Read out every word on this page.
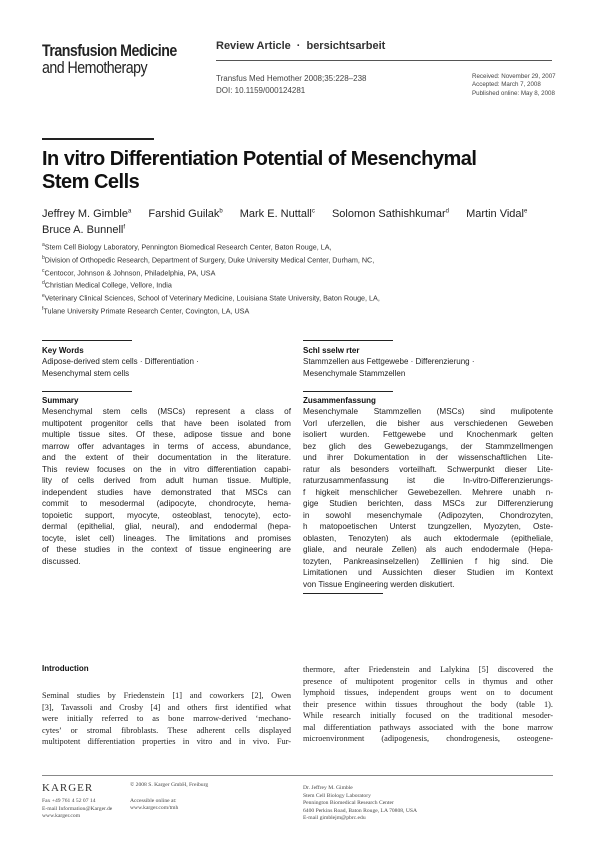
Transfusion Medicine
and Hemotherapy
Review Article · bersichtsarbeit
Transfus Med Hemother 2008;35:228–238
DOI: 10.1159/000124281
Received: November 29, 2007
Accepted: March 7, 2008
Published online: May 8, 2008
In vitro Differentiation Potential of Mesenchymal
Stem Cells
Jeffrey M. Gimble$^a$ Farshid Guilak$^b$ Mark E. Nuttall$^c$ Solomon Sathishkumar$^d$ Martin Vidal$^e$
Bruce A. Bunnell$^f$
$^a$Stem Cell Biology Laboratory, Pennington Biomedical Research Center, Baton Rouge, LA,
$^b$Division of Orthopedic Research, Department of Surgery, Duke University Medical Center, Durham, NC,
$^c$Centocor, Johnson & Johnson, Philadelphia, PA, USA
$^d$Christian Medical College, Vellore, India
$^e$Veterinary Clinical Sciences, School of Veterinary Medicine, Louisiana State University, Baton Rouge, LA,
$^f$Tulane University Primate Research Center, Covington, LA, USA
Key Words
Adipose-derived stem cells · Differentiation ·
Mesenchymal stem cells
Schl sselw rter
Stammzellen aus Fettgewebe · Differenzierung ·
Mesenchymale Stammzellen
Summary
Mesenchymal stem cells (MSCs) represent a class of
multipotent progenitor cells that have been isolated from
multiple tissue sites. Of these, adipose tissue and bone
marrow offer advantages in terms of access, abundance,
and the extent of their documentation in the literature.
This review focuses on the in vitro differentiation capabi-
lity of cells derived from adult human tissue. Multiple,
independent studies have demonstrated that MSCs can
commit to mesodermal (adipocyte, chondrocyte, hema-
topoietic support, myocyte, osteoblast, tenocyte), ecto-
dermal (epithelial, glial, neural), and endodermal (hepa-
tocyte, islet cell) lineages. The limitations and promises
of these studies in the context of tissue engineering are
discussed.
Zusammenfassung
Mesenchymale Stammzellen (MSCs) sind mulipotente
Vorl uferzellen, die bisher aus verschiedenen Geweben
isoliert wurden. Fettgewebe und Knochenmark gelten
bez glich des Gewebezugangs, der Stammzellmengen
und ihrer Dokumentation in der wissenschaftlichen Lite-
ratur als besonders vorteilhaft. Schwerpunkt dieser Lite-
raturzusammenfassung ist die In-vitro-Differenzierungs-
f higkeit menschlicher Gewebezellen. Mehrere unabh n-
gige Studien berichten, dass MSCs zur Differenzierung
in sowohl mesenchymale (Adipozyten, Chondrozyten,
h matopoetischen Unterst tzungzellen, Myozyten, Oste-
oblasten, Tenozyten) als auch ektodermale (epitheliale,
gliale, and neurale Zellen) als auch endodermale (Hepa-
tozyten, Pankreasinselzellen) Zelllinien f hig sind. Die
Limitationen und Aussichten dieser Studien im Kontext
von Tissue Engineering werden diskutiert.
Introduction
Seminal studies by Friedenstein [1] and coworkers [2], Owen
[3], Tavassoli and Crosby [4] and others first identified what
were initially referred to as bone marrow-derived ‘mechano-
cytes’ or stromal fibroblasts. These adherent cells displayed
multipotent differentiation properties in vitro and in vivo. Fur-
thermore, after Friedenstein and Lalykina [5] discovered the
presence of multipotent progenitor cells in thymus and other
lymphoid tissues, independent groups went on to document
their presence within tissues throughout the body (table 1).
While research initially focused on the traditional mesoder-
mal differentiation pathways associated with the bone marrow
microenvironment (adipogenesis, chondrogenesis, osteogene-
KARGER
Fax +49 761 4 52 07 14
E-mail Information@Karger.de
www.karger.com
© 2008 S. Karger GmbH, Freiburg
Accessible online at:
www.karger.com/tmh
Dr. Jeffrey M. Gimble
Stem Cell Biology Laboratory
Pennington Biomedical Research Center
6400 Perkins Road, Baton Rouge, LA 70808, USA
E-mail gimblejm@pbrc.edu
